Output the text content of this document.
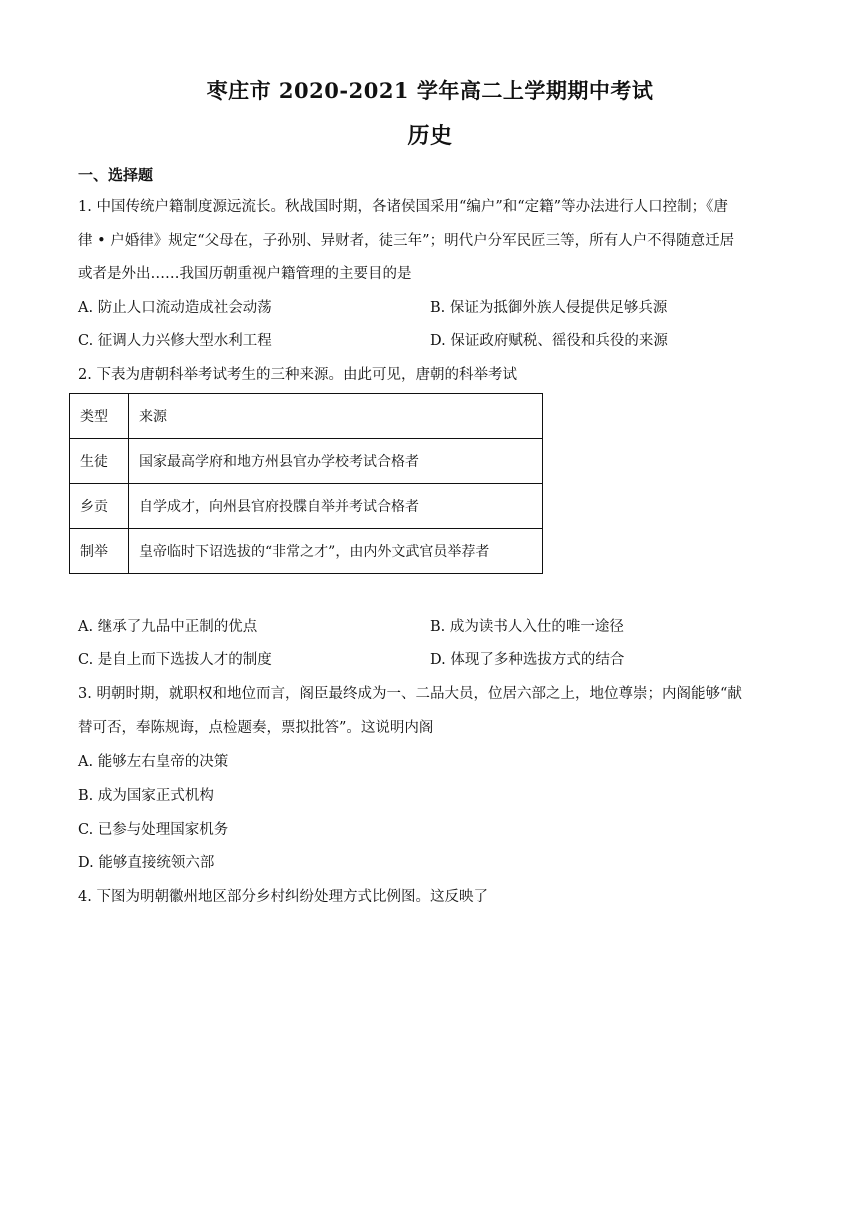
枣庄市 2020-2021 学年高二上学期期中考试
历史
一、选择题
1. 中国传统户籍制度源远流长。秋战国时期，各诸侯国采用“编户”和“定籍”等办法进行人口控制；《唐
律 • 户婚律》规定“父母在，子孙别、异财者，徒三年”；明代户分军民匠三等，所有人户不得随意迁居
或者是外出……我国历朝重视户籍管理的主要目的是
A. 防止人口流动造成社会动荡	B. 保证为抵御外族人侵提供足够兵源
C. 征调人力兴修大型水利工程	D. 保证政府赋税、徭役和兵役的来源
2. 下表为唐朝科举考试考生的三种来源。由此可见，唐朝的科举考试
类型	来源
生徒	国家最高学府和地方州县官办学校考试合格者
乡贡	自学成才，向州县官府投牒自举并考试合格者
制举	皇帝临时下诏选拔的“非常之才”，由内外文武官员举荐者
A. 继承了九品中正制的优点	B. 成为读书人入仕的唯一途径
C. 是自上而下选拔人才的制度	D. 体现了多种选拔方式的结合
3. 明朝时期，就职权和地位而言，阁臣最终成为一、二品大员，位居六部之上，地位尊崇；内阁能够“献
替可否，奉陈规诲，点检题奏，票拟批答”。这说明内阁
A. 能够左右皇帝的决策
B. 成为国家正式机构
C. 已参与处理国家机务
D. 能够直接统领六部
4. 下图为明朝徽州地区部分乡村纠纷处理方式比例图。这反映了
